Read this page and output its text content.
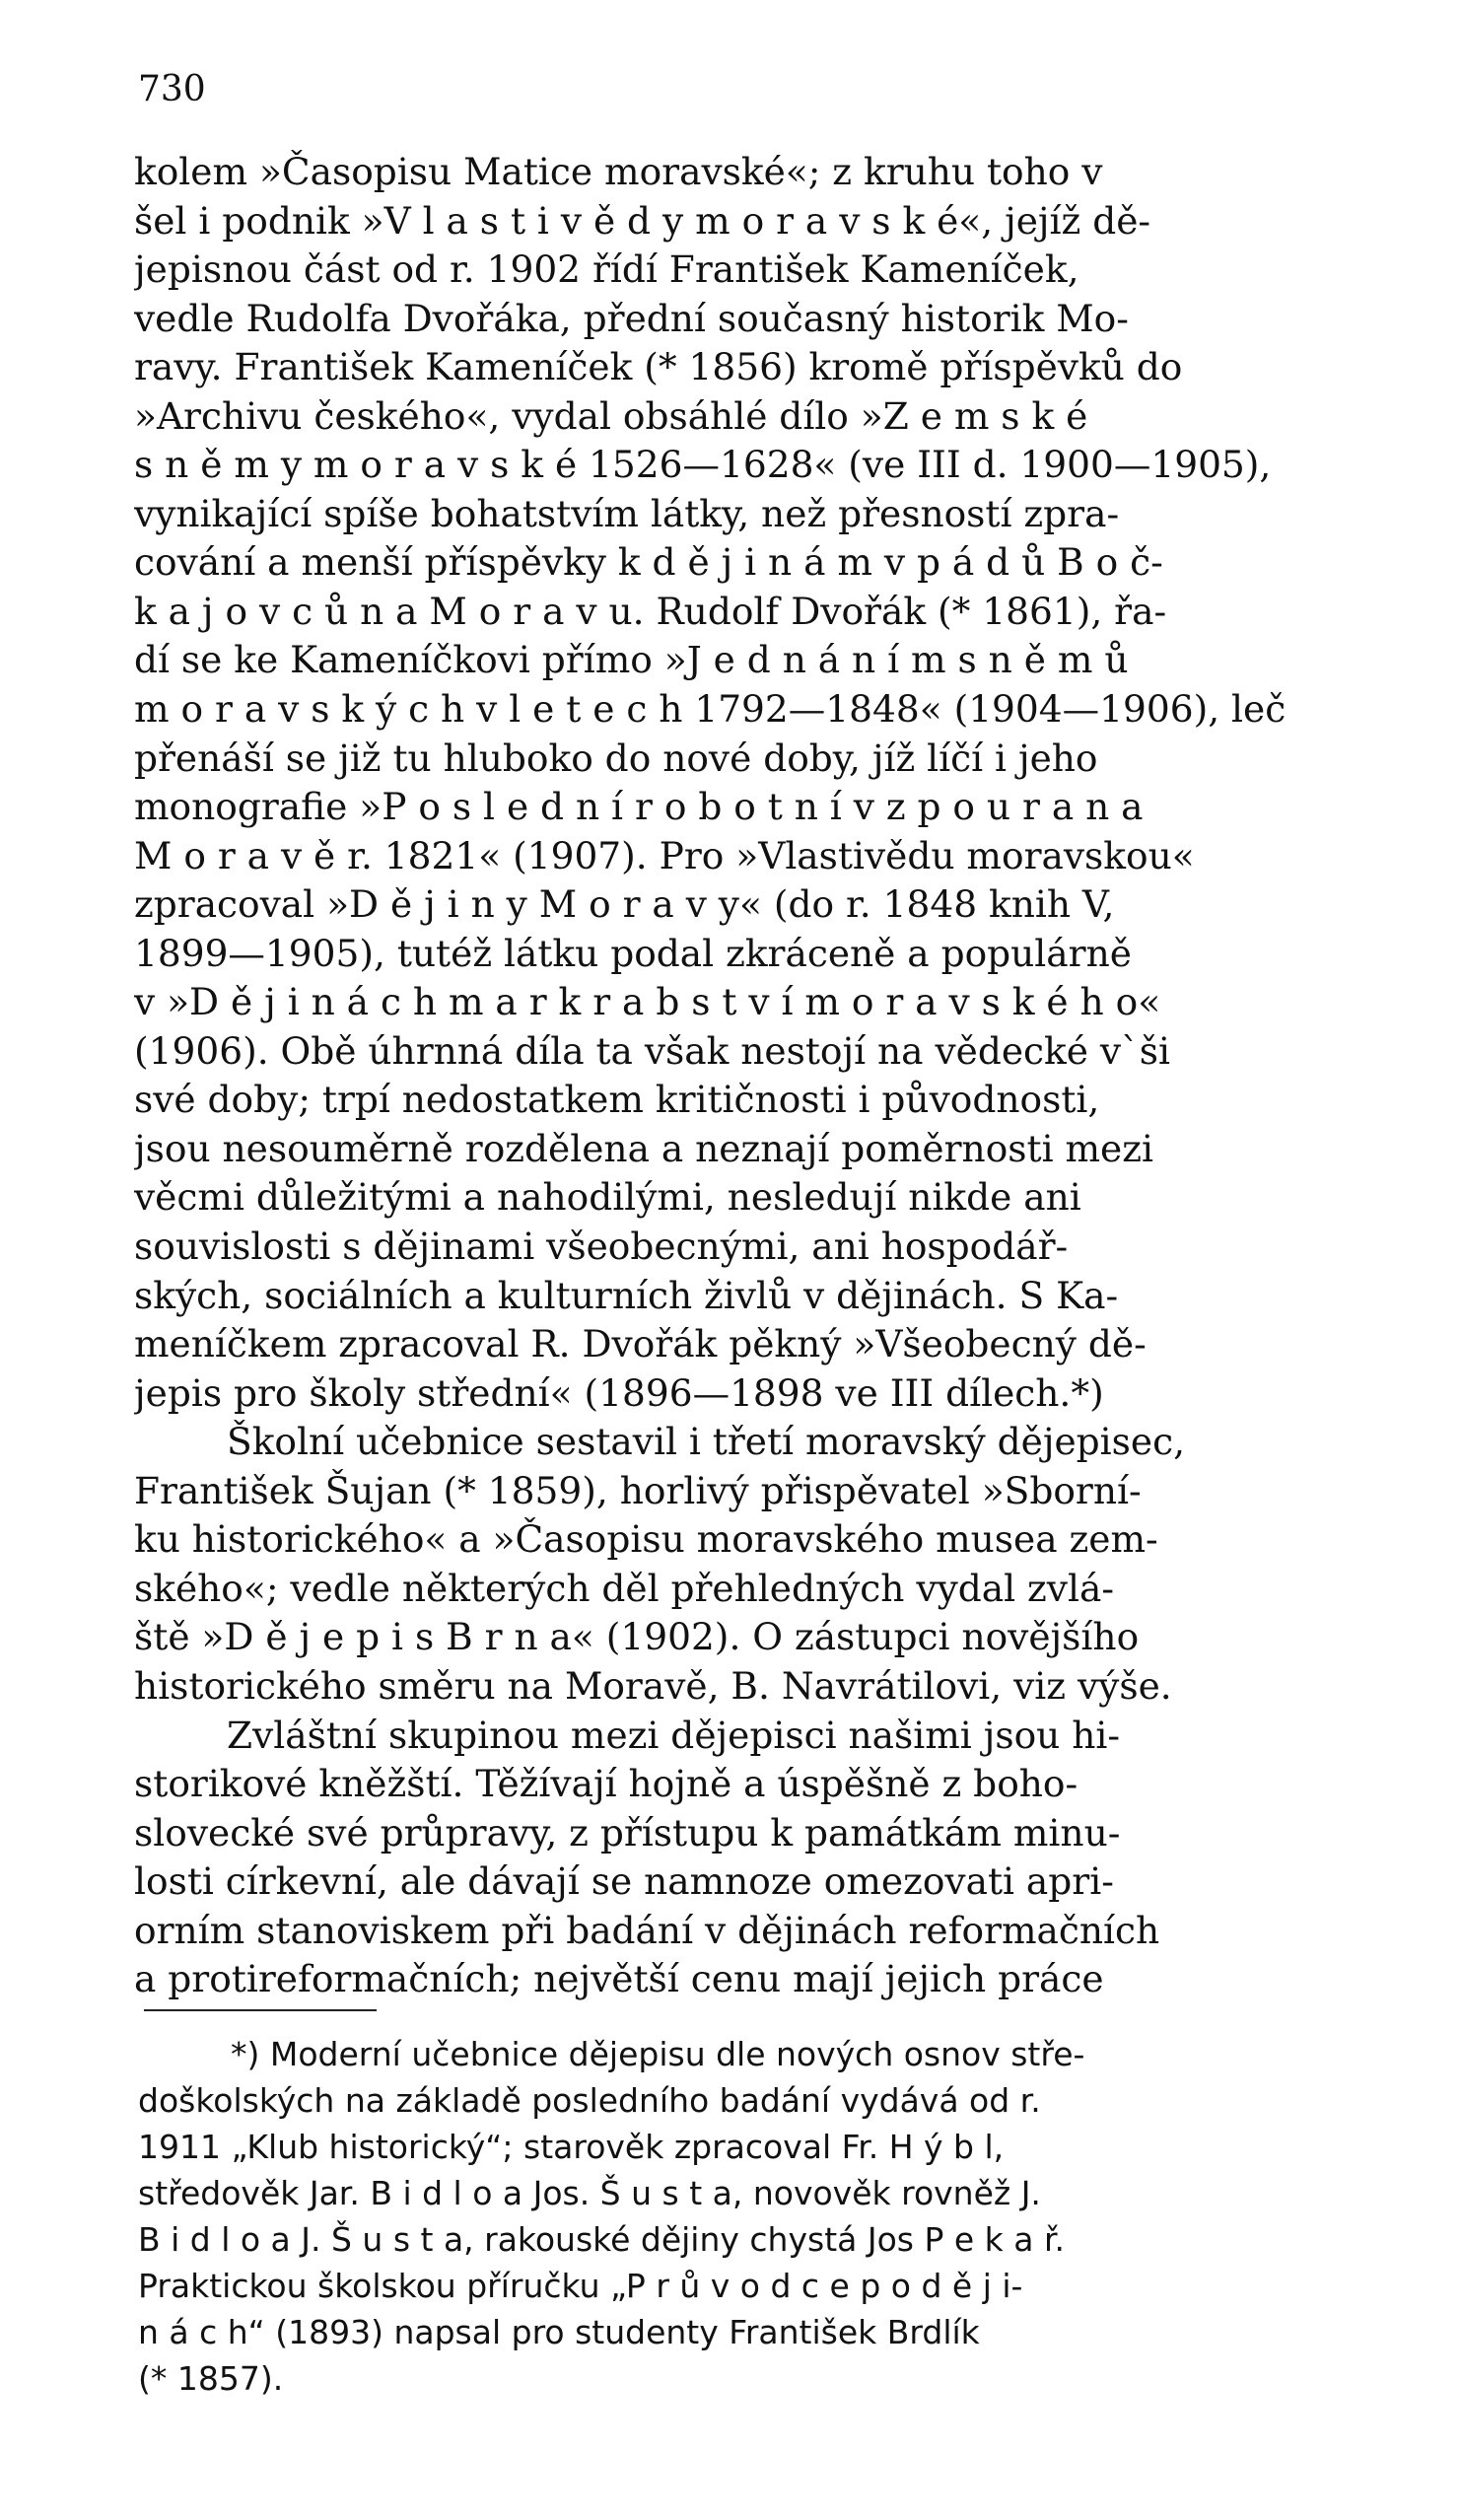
730
kolem »Časopisu Matice moravské«; z kruhu toho v
šel i podnik »V l a s t i v ě d y m o r a v s k é«, jejíž dě-
jepisnou část od r. 1902 řídí František Kameníček,
vedle Rudolfa Dvořáka, přední současný historik Mo-
ravy. František Kameníček (* 1856) kromě příspěvků do
»Archivu českého«, vydal obsáhlé dílo »Z e m s k é
s n ě m y m o r a v s k é 1526—1628« (ve III d. 1900—1905),
vynikající spíše bohatstvím látky, než přesností zpra-
cování a menší příspěvky k d ě j i n á m v p á d ů B o č-
k a j o v c ů n a M o r a v u. Rudolf Dvořák (* 1861), řa-
dí se ke Kameníčkovi přímo »J e d n á n í m s n ě m ů
m o r a v s k ý c h v l e t e c h 1792—1848« (1904—1906), leč
přenáší se již tu hluboko do nové doby, jíž líčí i jeho
monografie »P o s l e d n í r o b o t n í v z p o u r a n a
M o r a v ě r. 1821« (1907). Pro »Vlastivědu moravskou«
zpracoval »D ě j i n y M o r a v y« (do r. 1848 knih V,
1899—1905), tutéž látku podal zkráceně a populárně
v »D ě j i n á c h m a r k r a b s t v í m o r a v s k é h o«
(1906). Obě úhrnná díla ta však nestojí na vědecké v`ši
své doby; trpí nedostatkem kritičnosti i původnosti,
jsou nesouměrně rozdělena a neznají poměrnosti mezi
věcmi důležitými a nahodilými, nesledují nikde ani
souvislosti s dějinami všeobecnými, ani hospodář-
ských, sociálních a kulturních živlů v dějinách. S Ka-
meníčkem zpracoval R. Dvořák pěkný »Všeobecný dě-
jepis pro školy střední« (1896—1898 ve III dílech.*)
Školní učebnice sestavil i třetí moravský dějepisec,
František Šujan (* 1859), horlivý přispěvatel »Sborní-
ku historického« a »Časopisu moravského musea zem-
ského«; vedle některých děl přehledných vydal zvlá-
ště »D ě j e p i s B r n a« (1902). O zástupci novějšího
historického směru na Moravě, B. Navrátilovi, viz výše.
Zvláštní skupinou mezi dějepisci našimi jsou hi-
storikové kněžští. Těžívají hojně a úspěšně z boho-
slovecké své průpravy, z přístupu k památkám minu-
losti církevní, ale dávají se namnoze omezovati apri-
orním stanoviskem při badání v dějinách reformačních
a protireformačních; největší cenu mají jejich práce
*) Moderní učebnice dějepisu dle nových osnov stře-
doškolských na základě posledního badání vydává od r.
1911 „Klub historický“; starověk zpracoval Fr. H ý b l,
středověk Jar. B i d l o a Jos. Š u s t a, novověk rovněž J.
B i d l o a J. Š u s t a, rakouské dějiny chystá Jos P e k a ř.
Praktickou školskou příručku „P r ů v o d c e p o d ě j i-
n á c h“ (1893) napsal pro studenty František Brdlík
(* 1857).
